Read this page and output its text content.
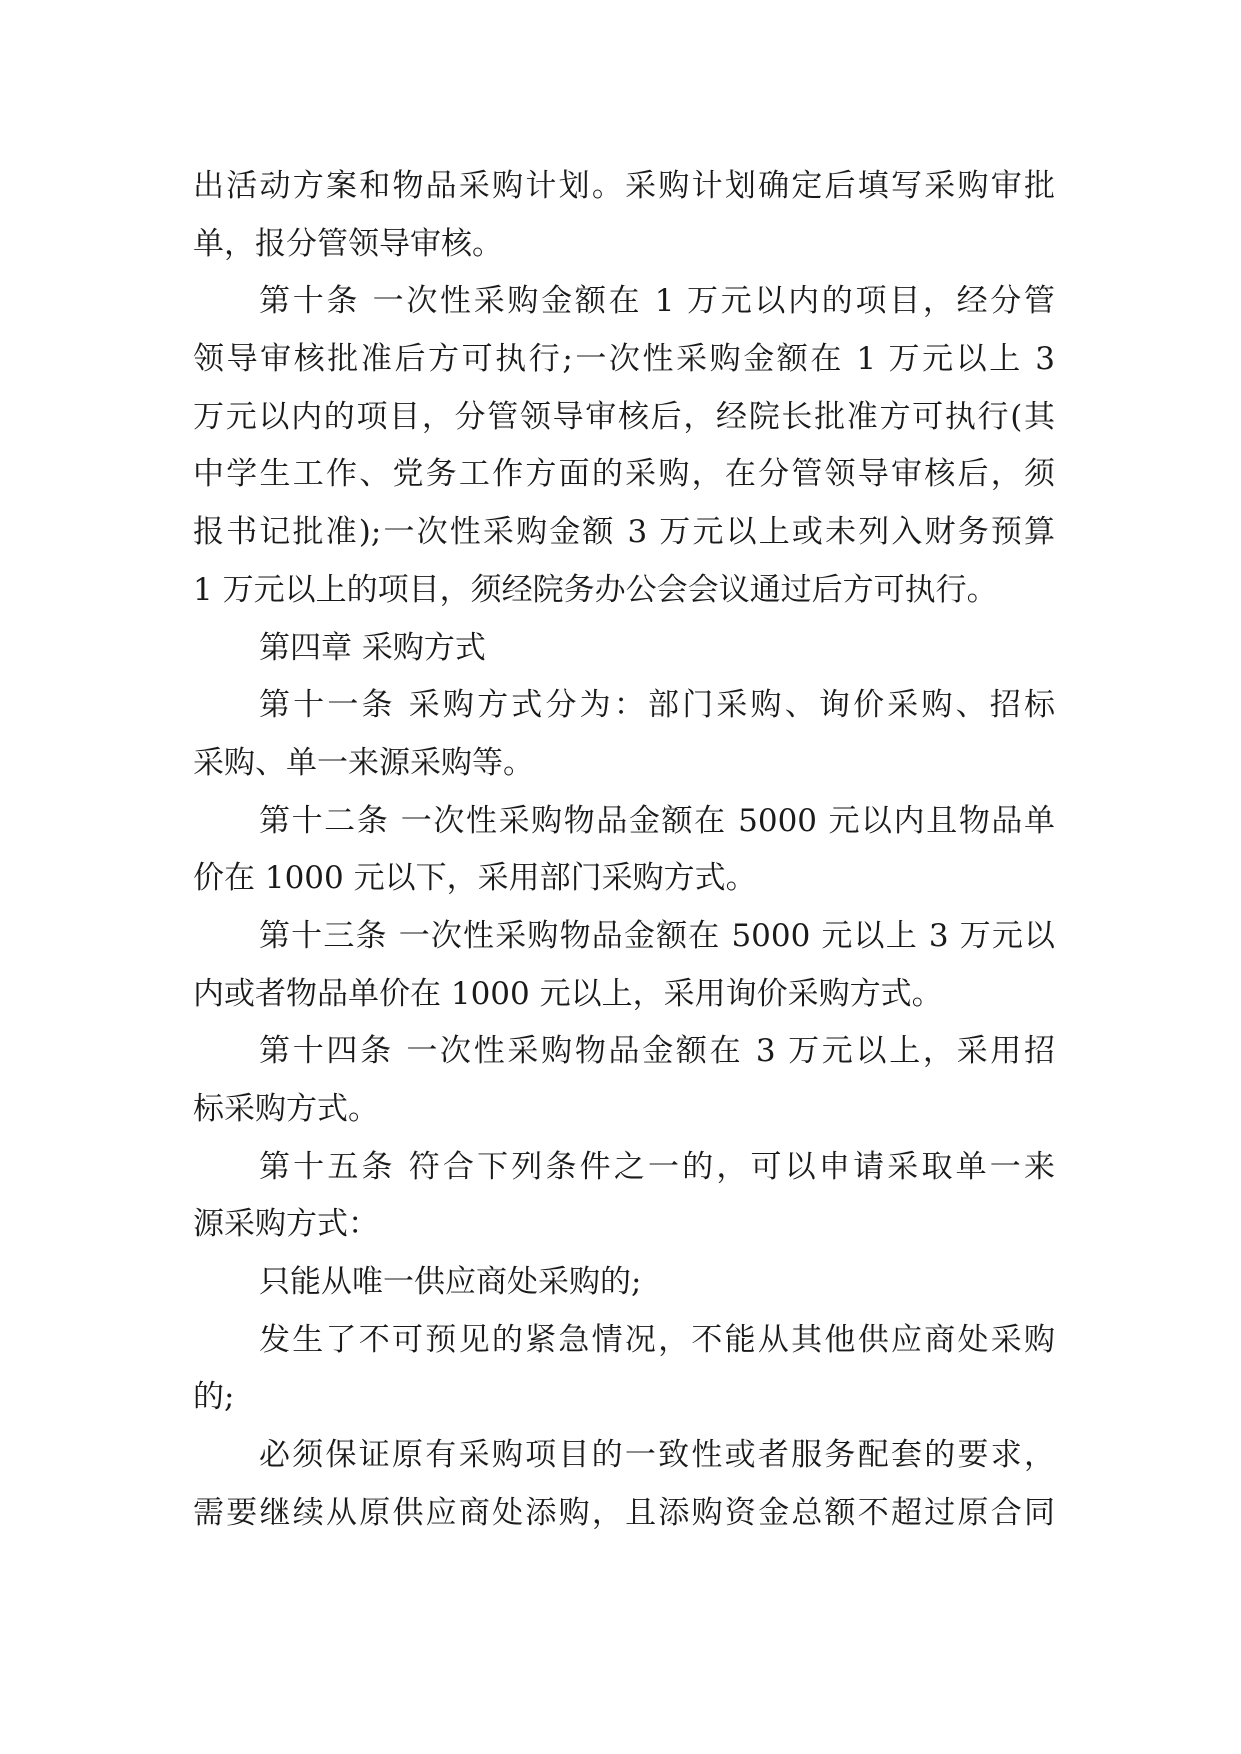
出活动方案和物品采购计划。采购计划确定后填写采购审批
单，报分管领导审核。
第十条 一次性采购金额在 1 万元以内的项目，经分管
领导审核批准后方可执行;一次性采购金额在 1 万元以上 3
万元以内的项目，分管领导审核后，经院长批准方可执行(其
中学生工作、党务工作方面的采购，在分管领导审核后，须
报书记批准);一次性采购金额 3 万元以上或未列入财务预算
1 万元以上的项目，须经院务办公会会议通过后方可执行。
第四章 采购方式
第十一条 采购方式分为：部门采购、询价采购、招标
采购、单一来源采购等。
第十二条 一次性采购物品金额在 5000 元以内且物品单
价在 1000 元以下，采用部门采购方式。
第十三条 一次性采购物品金额在 5000 元以上 3 万元以
内或者物品单价在 1000 元以上，采用询价采购方式。
第十四条 一次性采购物品金额在 3 万元以上，采用招
标采购方式。
第十五条 符合下列条件之一的，可以申请采取单一来
源采购方式：
只能从唯一供应商处采购的;
发生了不可预见的紧急情况，不能从其他供应商处采购
的;
必须保证原有采购项目的一致性或者服务配套的要求，
需要继续从原供应商处添购，且添购资金总额不超过原合同
